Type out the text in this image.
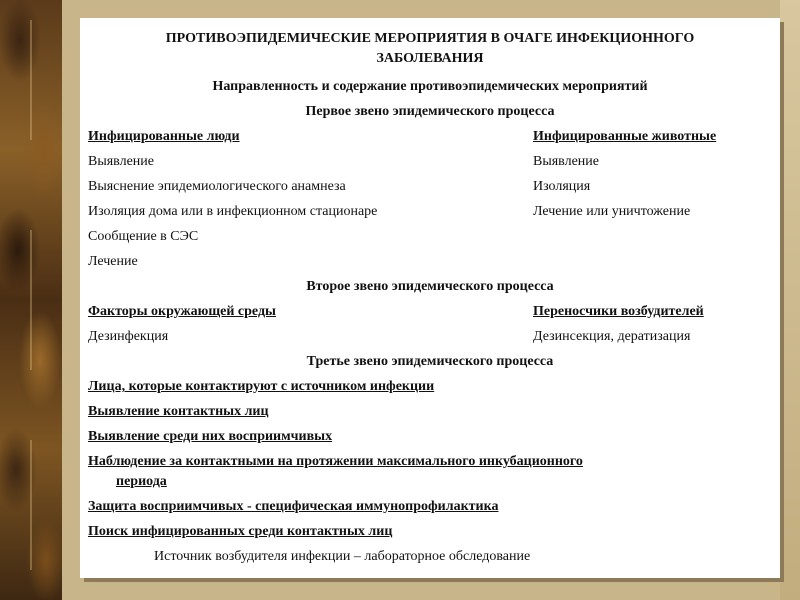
ПРОТИВОЭПИДЕМИЧЕСКИЕ МЕРОПРИЯТИЯ В ОЧАГЕ ИНФЕКЦИОННОГО
ЗАБОЛЕВАНИЯ
Направленность и содержание противоэпидемических мероприятий
Первое звено эпидемического процесса
Инфицированные люди	Инфицированные животные
Выявление	Выявление
Выяснение эпидемиологического анамнеза	Изоляция
Изоляция дома или в инфекционном стационаре	Лечение или уничтожение
Сообщение в СЭС
Лечение
Второе звено эпидемического процесса
Факторы окружающей среды	Переносчики возбудителей
Дезинфекция	Дезинсекция, дератизация
Третье звено эпидемического процесса
Лица, которые контактируют с источником инфекции
Выявление контактных лиц
Выявление среди них восприимчивых
Наблюдение за контактными на протяжении максимального инкубационного
периода
Защита восприимчивых - специфическая иммунопрофилактика
Поиск инфицированных среди контактных лиц
Источник возбудителя инфекции – лабораторное обследование
